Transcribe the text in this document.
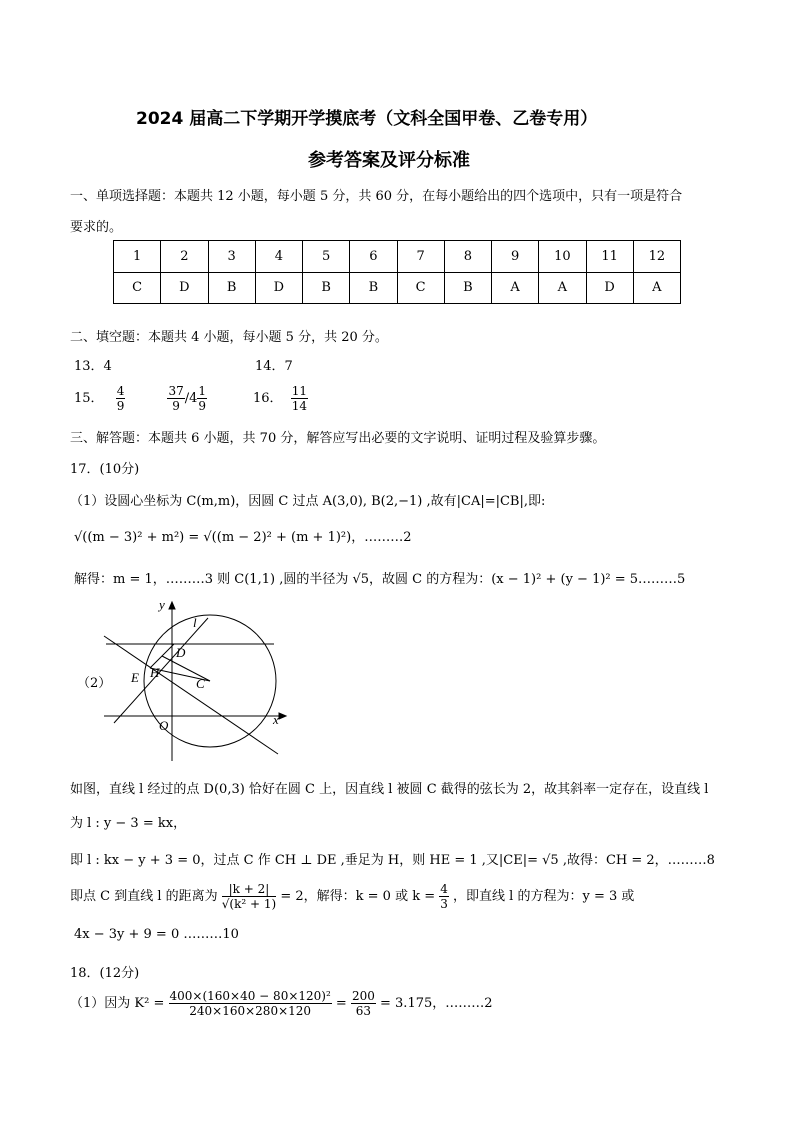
2024 届高二下学期开学摸底考（文科全国甲卷、乙卷专用）
参考答案及评分标准
一、单项选择题：本题共 12 小题，每小题 5 分，共 60 分，在每小题给出的四个选项中，只有一项是符合
要求的。
1	2	3	4	5	6	7	8	9	10	11	12
C	D	B	D	B	B	C	B	A	A	D	A
二、填空题：本题共 4 小题，每小题 5 分，共 20 分。
13．4	14．7
15． $\frac{4}{9}$
	$\frac{37}{9} /4 \frac{1}{9}$	16． $\frac{11}{14}$
三、解答题：本题共 6 小题，共 70 分，解答应写出必要的文字说明、证明过程及验算步骤。
17．(10分)
（1）设圆心坐标为 C(m,m)，因圆 C 过点 A(3,0), B(2,−1) ,故有|CA|=|CB|,即:
√((m − 3)² + m²) = √((m − 2)² + (m + 1)²)，………2
解得：m = 1，………3 则 C(1,1) ,圆的半径为 √5，故圆 C 的方程为：(x − 1)² + (y − 1)² = 5………5
（2）
y
l
D
E H
C
O	x
如图，直线 l 经过的点 D(0,3) 恰好在圆 C 上，因直线 l 被圆 C 截得的弦长为 2，故其斜率一定存在，设直线 l
为 l : y − 3 = kx，
即 l : kx − y + 3 = 0，过点 C 作 CH ⊥ DE ,垂足为 H，则 HE = 1 ,又|CE|= √5 ,故得：CH = 2，………8
即点 C 到直线 l 的距离为 $\frac{|k + 2|}{\text{√(k² + 1)}} = 2$，解得：k = 0 或 $k = \frac{4}{3}$ ，即直线 l 的方程为：y = 3 或
4x − 3y + 9 = 0 ………10
18．(12分)
（1）因为 $K^2 = \frac{\text{400×(160×40 − 80×120)²}}{240\times 160\times 280\times 120} = \frac{200}{63} = 3.175$，………2
